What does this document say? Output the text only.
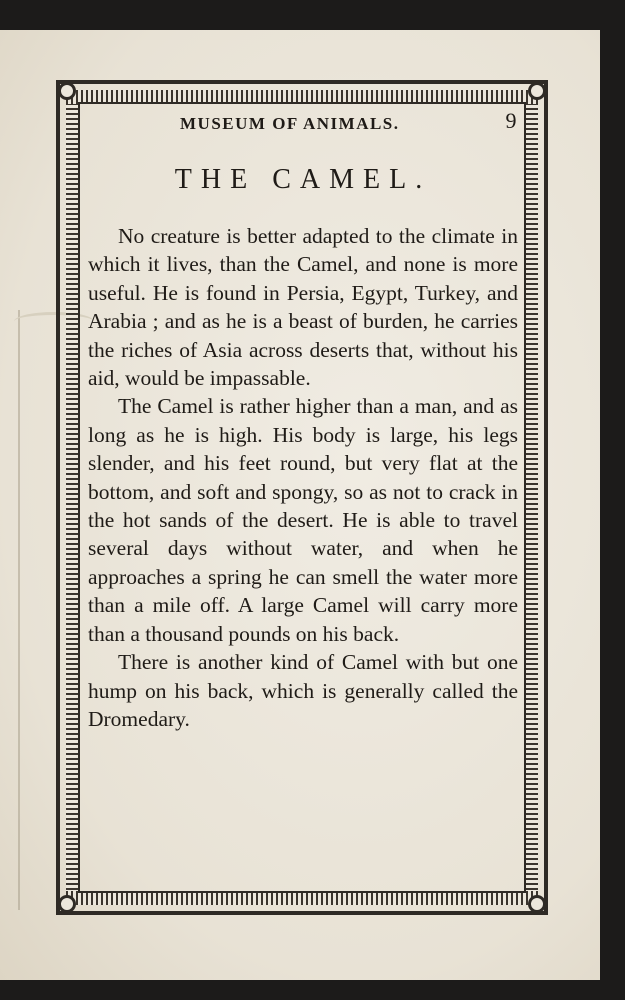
MUSEUM OF ANIMALS.	9
THE CAMEL.

No creature is better adapted to the climate in which it lives, than the Camel, and none is more useful. He is found in Persia, Egypt, Turkey, and Arabia ; and as he is a beast of burden, he carries the riches of Asia across deserts that, without his aid, would be impassable.

The Camel is rather higher than a man, and as long as he is high. His body is large, his legs slender, and his feet round, but very flat at the bottom, and soft and spongy, so as not to crack in the hot sands of the desert. He is able to travel several days without water, and when he approaches a spring he can smell the water more than a mile off. A large Camel will carry more than a thousand pounds on his back.

There is another kind of Camel with but one hump on his back, which is generally called the Dromedary.
